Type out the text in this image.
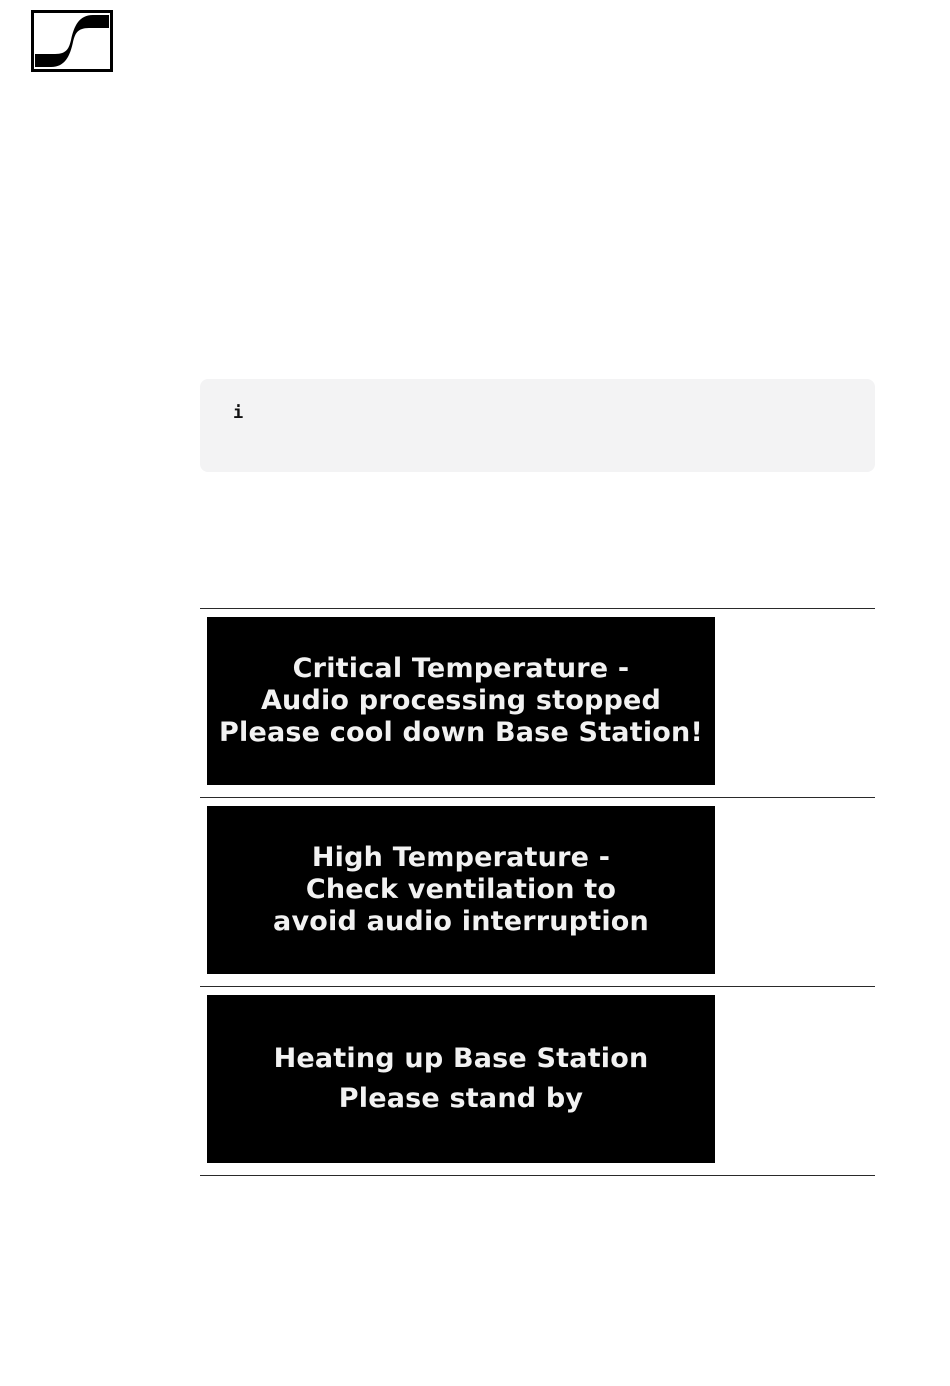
i
Critical Temperature -
Audio processing stopped
Please cool down Base Station!
High Temperature -
Check ventilation to
avoid audio interruption
Heating up Base Station
Please stand by
